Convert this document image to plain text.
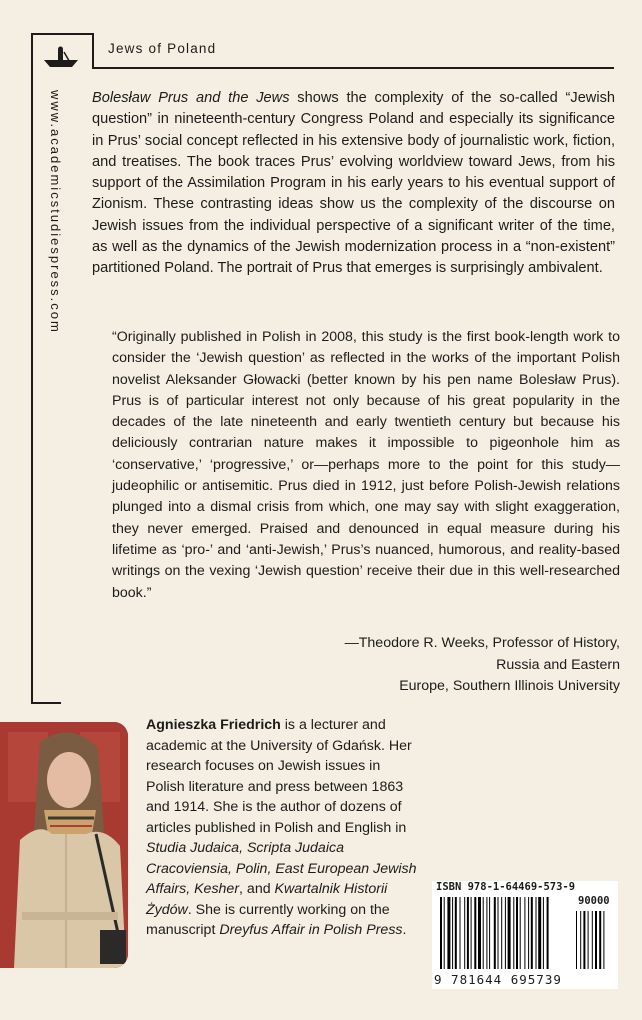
Jews of Poland
www.academicstudiespress.com Bolesław Prus and the Jews shows the complexity of the so-called “Jewish question” in nineteenth-century Congress Poland and especially its significance in Prus’ social concept reflected in his extensive body of journalistic work, fiction, and treatises. The book traces Prus’ evolving worldview toward Jews, from his support of the Assimilation Program in his early years to his eventual support of Zionism. These contrasting ideas show us the complexity of the discourse on Jewish issues from the individual perspective of a significant writer of the time, as well as the dynamics of the Jewish modernization process in a “non-existent” partitioned Poland. The portrait of Prus that emerges is surprisingly ambivalent.

“Originally published in Polish in 2008, this study is the first book-length work to consider the ‘Jewish question’ as reflected in the works of the important Polish novelist Aleksander Głowacki (better known by his pen name Bolesław Prus). Prus is of particular interest not only because of his great popularity in the decades of the late nineteenth and early twentieth century but because his deliciously contrarian nature makes it impossible to pigeonhole him as ‘conservative,’ ‘progressive,’ or—perhaps more to the point for this study—judeophilic or antisemitic. Prus died in 1912, just before Polish-Jewish relations plunged into a dismal crisis from which, one may say with slight exaggeration, they never emerged. Praised and denounced in equal measure during his lifetime as ‘pro-’ and ‘anti-Jewish,’ Prus’s nuanced, humorous, and reality-based writings on the vexing ‘Jewish question’ receive their due in this well-researched book.”

—Theodore R. Weeks, Professor of History, Russia and Eastern
Europe, Southern Illinois University

Agnieszka Friedrich is a lecturer and academic at the University of Gdańsk. Her research focuses on Jewish issues in Polish literature and press between 1863 and 1914. She is the author of dozens of articles published in Polish and English in Studia Judaica, Scripta Judaica Cracoviensia, Polin, East European Jewish Affairs, Kesher, and Kwartalnik Historii Żydów. She is currently working on the manuscript Dreyfus Affair in Polish Press.

ISBN 978-1-64469-573-9
90000
9 781644 695739
